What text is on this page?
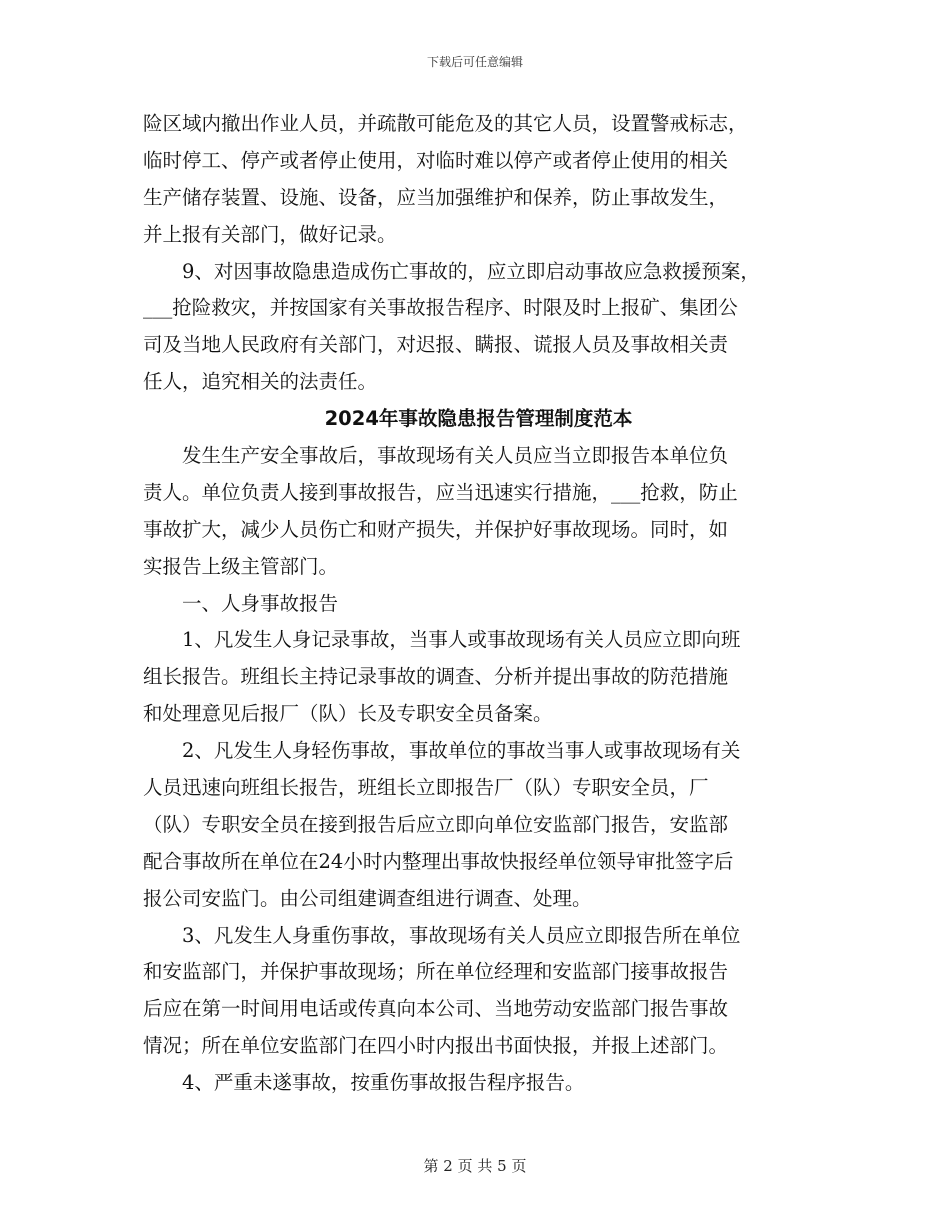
下载后可任意编辑
险区域内撤出作业人员，并疏散可能危及的其它人员，设置警戒标志，
临时停工、停产或者停止使用，对临时难以停产或者停止使用的相关
生产储存装置、设施、设备，应当加强维护和保养，防止事故发生，
并上报有关部门，做好记录。
9、对因事故隐患造成伤亡事故的，应立即启动事故应急救援预案，
___抢险救灾，并按国家有关事故报告程序、时限及时上报矿、集团公
司及当地人民政府有关部门，对迟报、瞒报、谎报人员及事故相关责
任人，追究相关的法责任。
2024年事故隐患报告管理制度范本
发生生产安全事故后，事故现场有关人员应当立即报告本单位负
责人。单位负责人接到事故报告，应当迅速实行措施，___抢救，防止
事故扩大，减少人员伤亡和财产损失，并保护好事故现场。同时，如
实报告上级主管部门。
一、人身事故报告
1、凡发生人身记录事故，当事人或事故现场有关人员应立即向班
组长报告。班组长主持记录事故的调查、分析并提出事故的防范措施
和处理意见后报厂（队）长及专职安全员备案。
2、凡发生人身轻伤事故，事故单位的事故当事人或事故现场有关
人员迅速向班组长报告，班组长立即报告厂（队）专职安全员，厂
（队）专职安全员在接到报告后应立即向单位安监部门报告，安监部
配合事故所在单位在24小时内整理出事故快报经单位领导审批签字后
报公司安监门。由公司组建调查组进行调查、处理。
3、凡发生人身重伤事故，事故现场有关人员应立即报告所在单位
和安监部门，并保护事故现场；所在单位经理和安监部门接事故报告
后应在第一时间用电话或传真向本公司、当地劳动安监部门报告事故
情况；所在单位安监部门在四小时内报出书面快报，并报上述部门。
4、严重未遂事故，按重伤事故报告程序报告。
第 2 页 共 5 页
